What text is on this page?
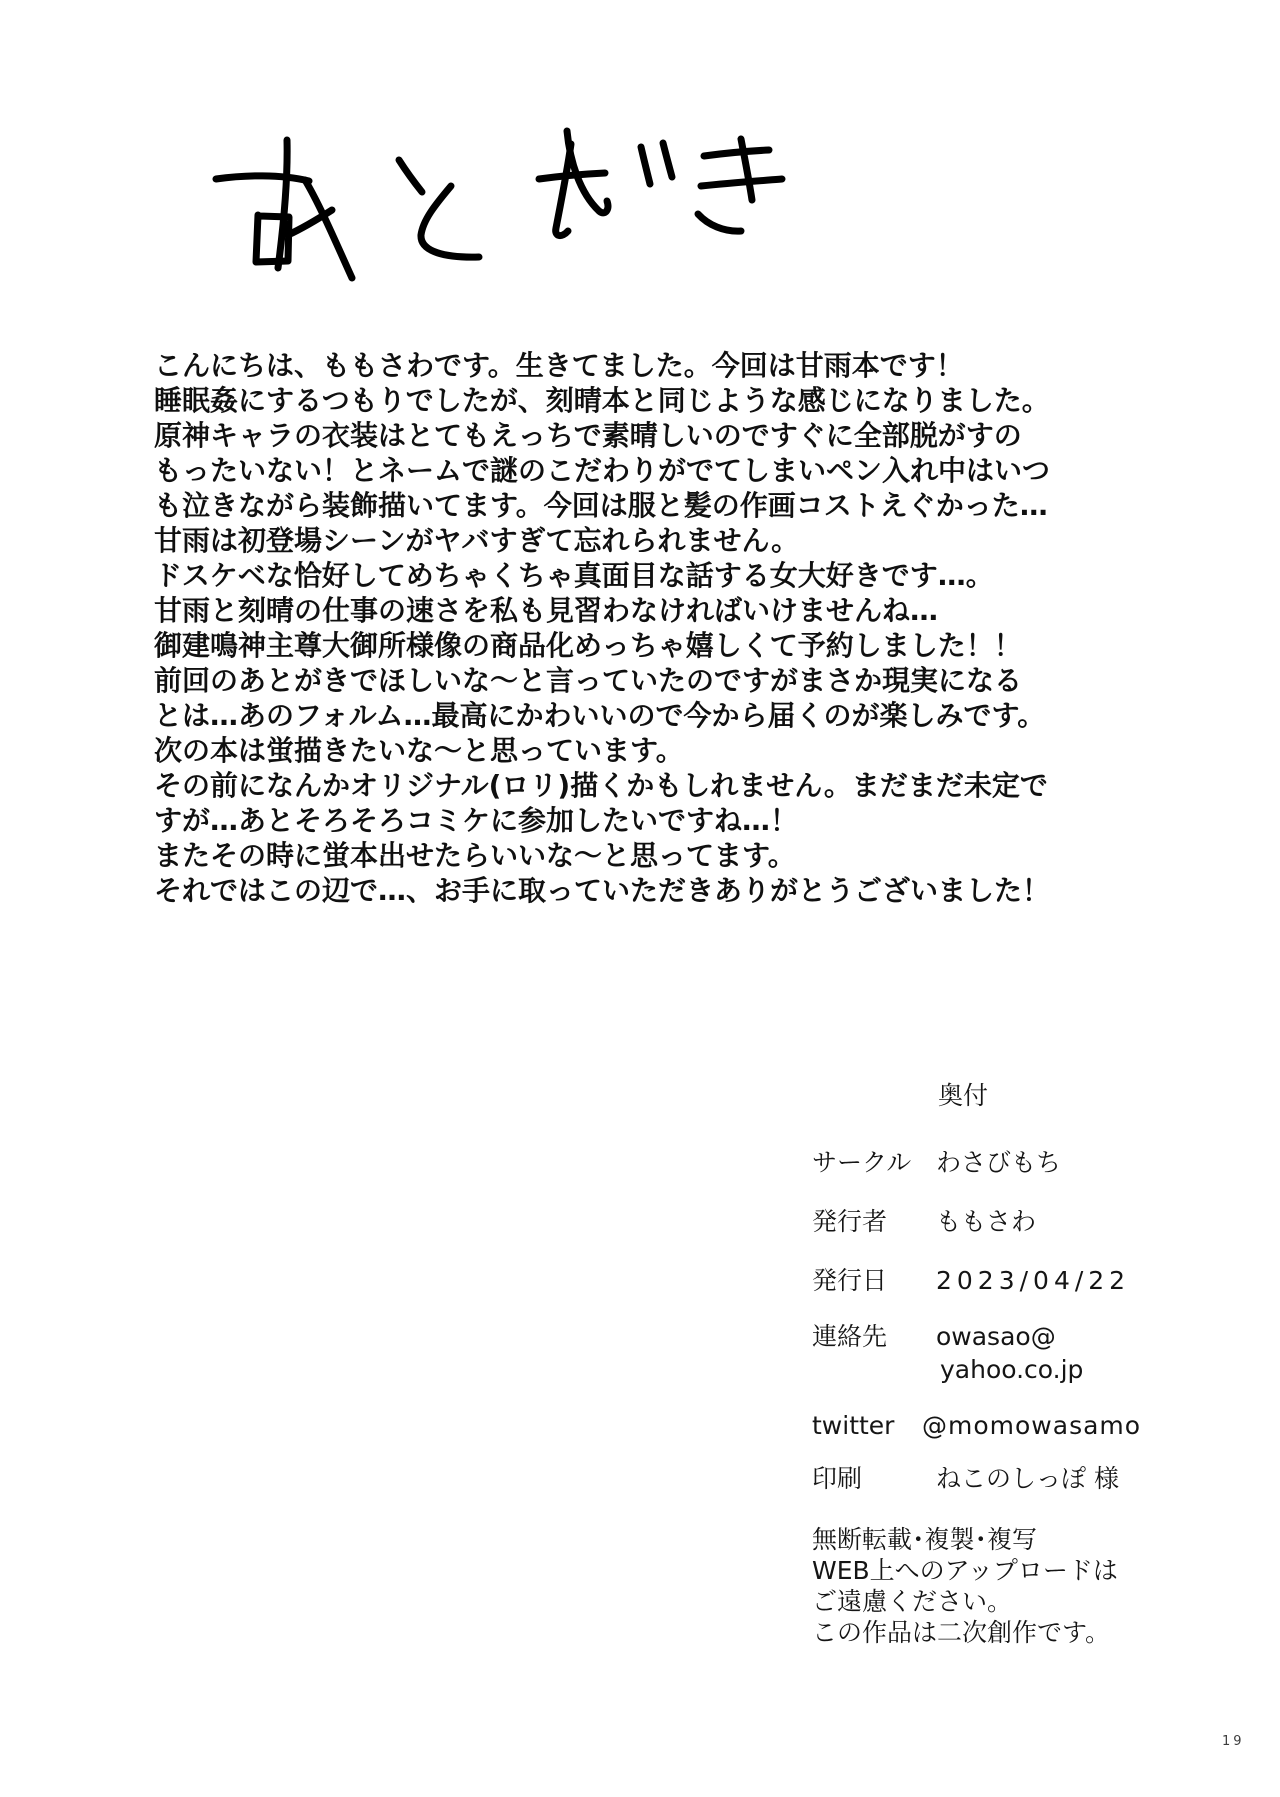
こんにちは、ももさわです。生きてました。今回は甘雨本です！
睡眠姦にするつもりでしたが、刻晴本と同じような感じになりました。
原神キャラの衣装はとてもえっちで素晴しいのですぐに全部脱がすの
もったいない！とネームで謎のこだわりがでてしまいペン入れ中はいつ
も泣きながら装飾描いてます。今回は服と髪の作画コストえぐかった…
甘雨は初登場シーンがヤバすぎて忘れられません。
ドスケベな恰好してめちゃくちゃ真面目な話する女大好きです…。
甘雨と刻晴の仕事の速さを私も見習わなければいけませんね…
御建鳴神主尊大御所様像の商品化めっちゃ嬉しくて予約しました！！
前回のあとがきでほしいな～と言っていたのですがまさか現実になる
とは…あのフォルム…最高にかわいいので今から届くのが楽しみです。
次の本は蛍描きたいな～と思っています。
その前になんかオリジナル(ロリ)描くかもしれません。まだまだ未定で
すが…あとそろそろコミケに参加したいですね…！
またその時に蛍本出せたらいいな～と思ってます。
それではこの辺で…、お手に取っていただきありがとうございました！
奥付
サークル わさびもち
発行者 ももさわ
発行日 2023/04/22
連絡先 owasao@
yahoo.co.jp
twitter @momowasamo
印刷	ねこのしっぽ 様
無断転載･複製･複写
WEB上へのアップロードは
ご遠慮ください。
この作品は二次創作です。
19
